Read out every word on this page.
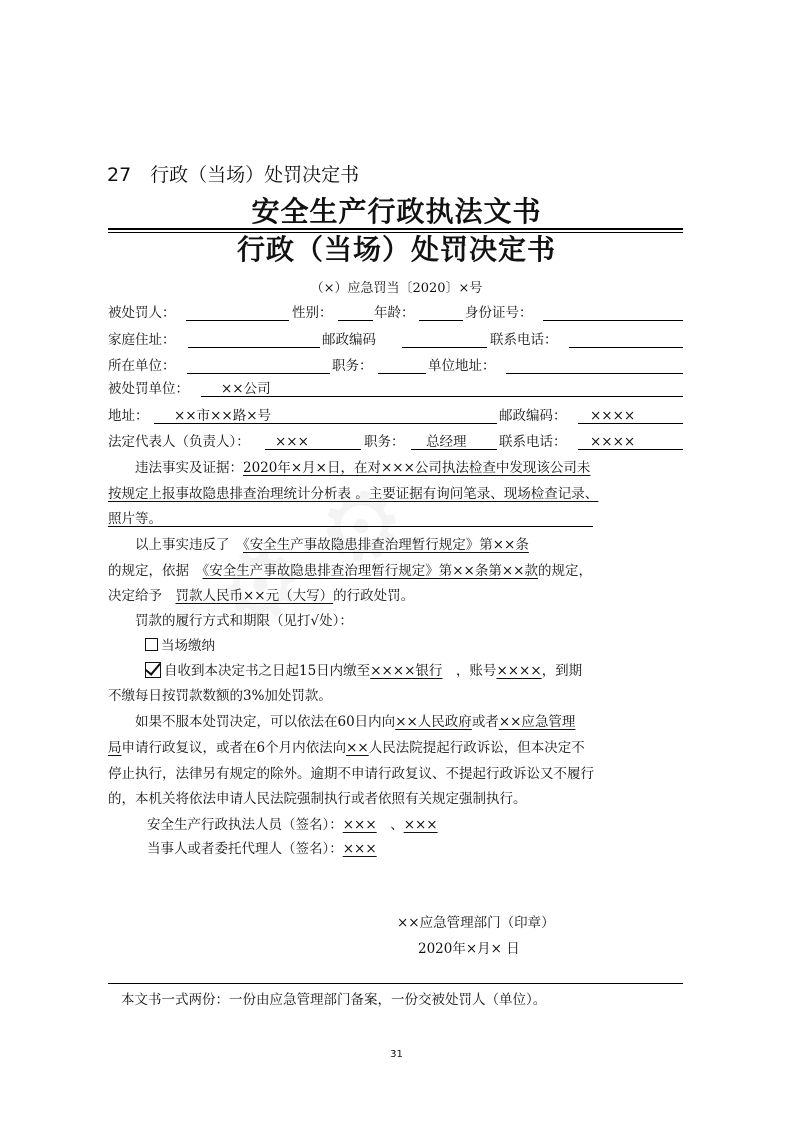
27　行政（当场）处罚决定书
安全生产行政执法文书
行政（当场）处罚决定书
（×）应急罚当〔2020〕×号
被处罚人：	性别：	年龄：	身份证号：
家庭住址：	邮政编码	联系电话：
所在单位：	职务：	单位地址：
被处罚单位： ××公司
地址： ××市××路×号	邮政编码： ××××
法定代表人（负责人）： ×××	职务： 总经理 联系电话： ××××
违法事实及证据：2020年×月×日，在对×××公司执法检查中发现该公司未
按规定上报事故隐患排查治理统计分析表 。主要证据有询问笔录、现场检查记录、
照片等。
以上事实违反了　 《安全生产事故隐患排查治理暂行规定》第××条
的规定，依据　 《安全生产事故隐患排查治理暂行规定》第××条第××款的规定，
决定给予　 罚款人民币××元（大写）的行政处罚。
罚款的履行方式和期限（见打√处）：
当场缴纳
自收到本决定书之日起15日内缴至××××银行　 ，账号××××，到期
不缴每日按罚款数额的3%加处罚款。
如果不服本处罚决定，可以依法在60日内向××人民政府或者××应急管理
局申请行政复议，或者在6个月内依法向××人民法院提起行政诉讼，但本决定不
停止执行，法律另有规定的除外。逾期不申请行政复议、不提起行政诉讼又不履行
的，本机关将依法申请人民法院强制执行或者依照有关规定强制执行。
安全生产行政执法人员（签名）：×××　 、×××
当事人或者委托代理人（签名）：×××
××应急管理部门（印章）
2020年×月× 日
本文书一式两份：一份由应急管理部门备案，一份交被处罚人（单位）。
31
